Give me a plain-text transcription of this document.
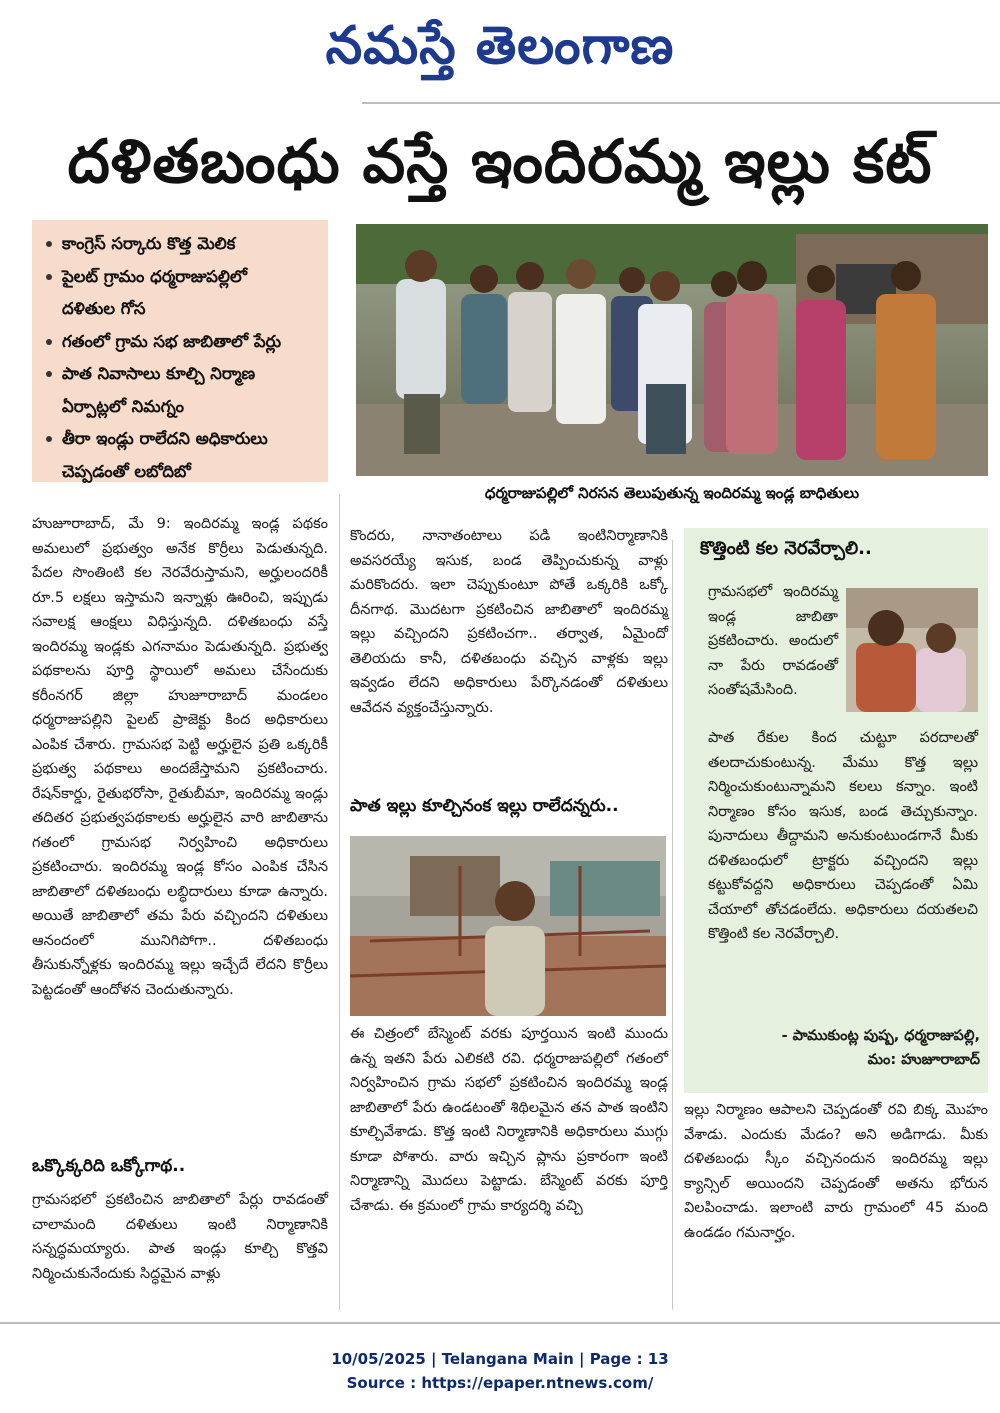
నమస్తే తెలంగాణ
దళితబంధు వస్తే ఇందిరమ్మ ఇల్లు కట్
కాంగ్రెస్ సర్కారు కొత్త మెలిక
పైలట్ గ్రామం ధర్మరాజుపల్లిలో
దళితుల గోస
గతంలో గ్రామ సభ జాబితాలో పేర్లు
పాత నివాసాలు కూల్చి నిర్మాణ
ఏర్పాట్లలో నిమగ్నం
తీరా ఇండ్లు రాలేదని అధికారులు
చెప్పడంతో లబోదిబో
ధర్మరాజుపల్లిలో నిరసన తెలుపుతున్న ఇందిరమ్మ ఇండ్ల బాధితులు

హుజూరాబాద్, మే 9: ఇందిరమ్మ ఇండ్ల పథకం అమలులో ప్రభుత్వం అనేక కొర్రీలు పెడుతున్నది. పేదల సొంతింటి కల నెరవేరుస్తామని, అర్హులందరికీ రూ.5 లక్షలు ఇస్తామని ఇన్నాళ్లు ఊరించి, ఇప్పుడు సవాలక్ష ఆంక్షలు విధిస్తున్నది. దళితబంధు వస్తే ఇందిరమ్మ ఇండ్లకు ఎగనామం పెడుతున్నది. ప్రభుత్వ పథకాలను పూర్తి స్థాయిలో అమలు చేసేందుకు కరీంనగర్ జిల్లా హుజూరాబాద్ మండలం ధర్మరాజుపల్లిని పైలట్ ప్రాజెక్టు కింద అధికారులు ఎంపిక చేశారు. గ్రామసభ పెట్టి అర్హులైన ప్రతి ఒక్కరికీ ప్రభుత్వ పథకాలు అందజేస్తామని ప్రకటించారు. రేషన్‌కార్డు, రైతుభరోసా, రైతుబీమా, ఇందిరమ్మ ఇండ్లు తదితర ప్రభుత్వపథకాలకు అర్హులైన వారి జాబితాను గతంలో గ్రామసభ నిర్వహించి అధికారులు ప్రకటించారు. ఇందిరమ్మ ఇండ్ల కోసం ఎంపిక చేసిన జాబితాలో దళితబంధు లబ్ధిదారులు కూడా ఉన్నారు. అయితే జాబితాలో తమ పేరు వచ్చిందని దళితులు ఆనందంలో మునిగిపోగా.. దళితబంధు తీసుకున్నోళ్లకు ఇందిరమ్మ ఇల్లు ఇచ్చేదే లేదని కొర్రీలు పెట్టడంతో ఆందోళన చెందుతున్నారు.

ఒక్కొక్కరిది ఒక్కోగాథ..

గ్రామసభలో ప్రకటించిన జాబితాలో పేర్లు రావడంతో చాలామంది దళితులు ఇంటి నిర్మాణానికి సన్నద్ధమయ్యారు. పాత ఇండ్లు కూల్చి కొత్తవి నిర్మించుకునేందుకు సిద్ధమైన వాళ్లు

కొందరు, నానాతంటాలు పడి ఇంటినిర్మాణానికి అవసరయ్యే ఇసుక, బండ తెప్పించుకున్న వాళ్లు మరికొందరు. ఇలా చెప్పుకుంటూ పోతే ఒక్కరికి ఒక్కో దీనగాథ. మొదటగా ప్రకటించిన జాబితాలో ఇందిరమ్మ ఇల్లు వచ్చిందని ప్రకటించగా.. తర్వాత, ఏమైందో తెలియదు కానీ, దళితబంధు వచ్చిన వాళ్లకు ఇల్లు ఇవ్వడం లేదని అధికారులు పేర్కొనడంతో దళితులు ఆవేదన వ్యక్తంచేస్తున్నారు.

పాత ఇల్లు కూల్చినంక ఇల్లు రాలేదన్నరు..

ఈ చిత్రంలో బేస్మెంట్ వరకు పూర్తయిన ఇంటి ముందు ఉన్న ఇతని పేరు ఎలికటి రవి. ధర్మరాజుపల్లిలో గతంలో నిర్వహించిన గ్రామ సభలో ప్రకటించిన ఇందిరమ్మ ఇండ్ల జాబితాలో పేరు ఉండటంతో శిథిలమైన తన పాత ఇంటిని కూల్చివేశాడు. కొత్త ఇంటి నిర్మాణానికి అధికారులు ముగ్గు కూడా పోశారు. వారు ఇచ్చిన ప్లాను ప్రకారంగా ఇంటి నిర్మాణాన్ని మొదలు పెట్టాడు. బేస్మెంట్ వరకు పూర్తి చేశాడు. ఈ క్రమంలో గ్రామ కార్యదర్శి వచ్చి

కొత్తింటి కల నెరవేర్చాలి..

గ్రామసభలో ఇందిరమ్మ ఇండ్ల జాబితా ప్రకటించారు. అందులో నా పేరు రావడంతో సంతోషమేసింది.

పాత రేకుల కింద చుట్టూ పరదాలతో తలదాచుకుంటున్న. మేము కొత్త ఇల్లు నిర్మించుకుంటున్నామని కలలు కన్నాం. ఇంటి నిర్మాణం కోసం ఇసుక, బండ తెచ్చుకున్నాం. పునాదులు తీద్దామని అనుకుంటుండగానే మీకు దళితబంధులో ట్రాక్టరు వచ్చిందని ఇల్లు కట్టుకోవద్దని అధికారులు చెప్పడంతో ఏమి చేయాలో తోచడంలేదు. అధికారులు దయతలచి కొత్తింటి కల నెరవేర్చాలి.

- పాముకుంట్ల పుష్ప, ధర్మరాజుపల్లి,
మం: హుజూరాబాద్

ఇల్లు నిర్మాణం ఆపాలని చెప్పడంతో రవి బిక్క మొహం వేశాడు. ఎందుకు మేడం? అని అడిగాడు. మీకు దళితబంధు స్కీం వచ్చినందున ఇందిరమ్మ ఇల్లు క్యాన్సిల్ అయిందని చెప్పడంతో అతను భోరున విలపించాడు. ఇలాంటి వారు గ్రామంలో 45 మంది ఉండడం గమనార్హం.

10/05/2025 | Telangana Main | Page : 13
Source : https://epaper.ntnews.com/
